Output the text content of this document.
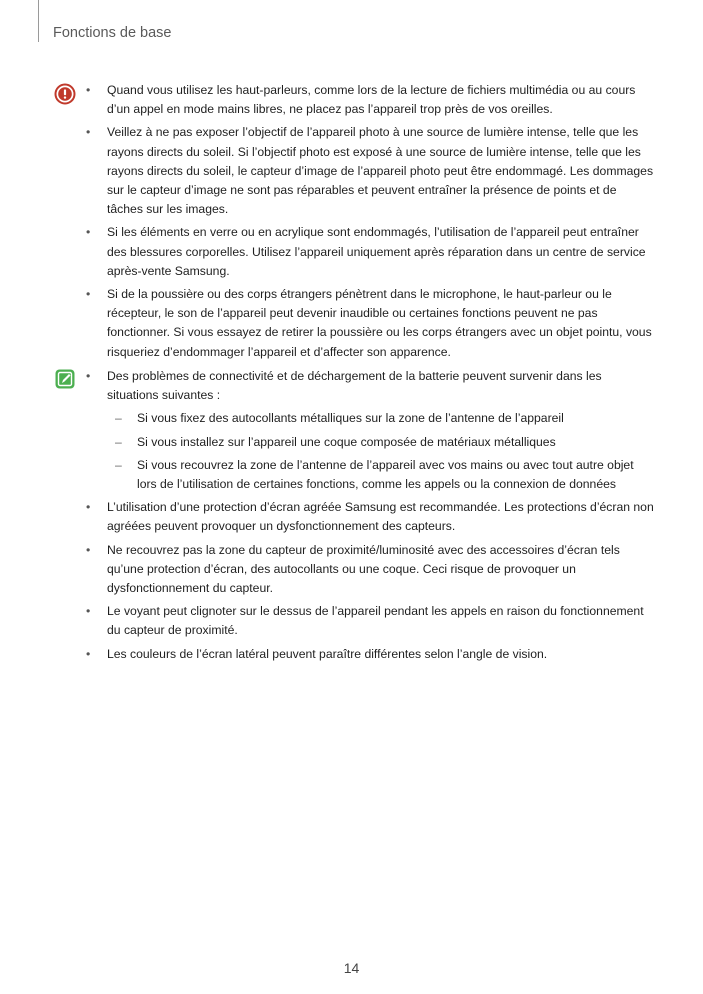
Fonctions de base
• Quand vous utilisez les haut-parleurs, comme lors de la lecture de fichiers multimédia ou au cours d’un appel en mode mains libres, ne placez pas l’appareil trop près de vos oreilles.
• Veillez à ne pas exposer l’objectif de l’appareil photo à une source de lumière intense, telle que les rayons directs du soleil. Si l’objectif photo est exposé à une source de lumière intense, telle que les rayons directs du soleil, le capteur d’image de l’appareil photo peut être endommagé. Les dommages sur le capteur d’image ne sont pas réparables et peuvent entraîner la présence de points et de tâches sur les images.
• Si les éléments en verre ou en acrylique sont endommagés, l’utilisation de l’appareil peut entraîner des blessures corporelles. Utilisez l’appareil uniquement après réparation dans un centre de service après-vente Samsung.
• Si de la poussière ou des corps étrangers pénètrent dans le microphone, le haut-parleur ou le récepteur, le son de l’appareil peut devenir inaudible ou certaines fonctions peuvent ne pas fonctionner. Si vous essayez de retirer la poussière ou les corps étrangers avec un objet pointu, vous risqueriez d’endommager l’appareil et d’affecter son apparence.
• Des problèmes de connectivité et de déchargement de la batterie peuvent survenir dans les situations suivantes :
– Si vous fixez des autocollants métalliques sur la zone de l’antenne de l’appareil
– Si vous installez sur l’appareil une coque composée de matériaux métalliques
– Si vous recouvrez la zone de l’antenne de l’appareil avec vos mains ou avec tout autre objet lors de l’utilisation de certaines fonctions, comme les appels ou la connexion de données
• L’utilisation d’une protection d’écran agréée Samsung est recommandée. Les protections d’écran non agréées peuvent provoquer un dysfonctionnement des capteurs.
• Ne recouvrez pas la zone du capteur de proximité/luminosité avec des accessoires d’écran tels qu’une protection d’écran, des autocollants ou une coque. Ceci risque de provoquer un dysfonctionnement du capteur.
• Le voyant peut clignoter sur le dessus de l’appareil pendant les appels en raison du fonctionnement du capteur de proximité.
• Les couleurs de l’écran latéral peuvent paraître différentes selon l’angle de vision.
14
